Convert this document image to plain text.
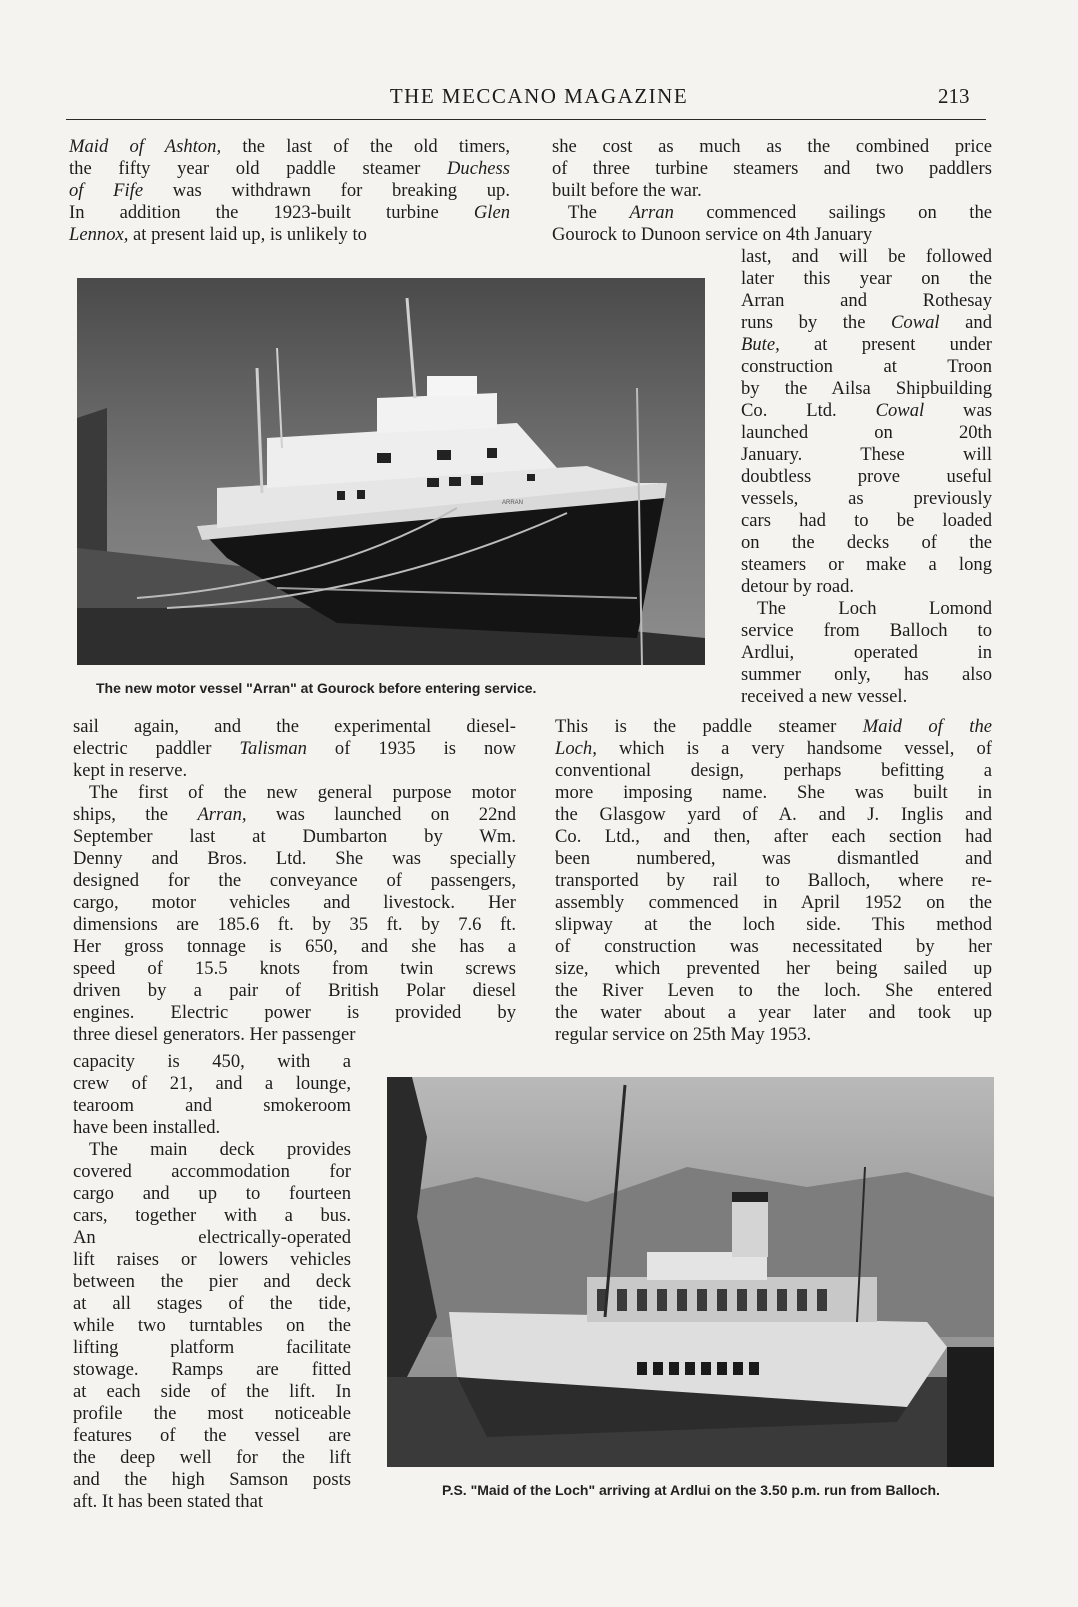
THE MECCANO MAGAZINE	213
Maid of Ashton, the last of the old timers,
the fifty year old paddle steamer Duchess
of Fife was withdrawn for breaking up.
In addition the 1923-built turbine Glen
Lennox, at present laid up, is unlikely to
she cost as much as the combined price
of three turbine steamers and two paddlers
built before the war.
The Arran commenced sailings on the
Gourock to Dunoon service on 4th January
last, and will be followed
later this year on the
Arran and Rothesay
runs by the Cowal and
Bute, at present under
construction at Troon
by the Ailsa Shipbuilding
Co. Ltd. Cowal was
launched on 20th
January. These will
doubtless prove useful
vessels, as previously
cars had to be loaded
on the decks of the
steamers or make a long
detour by road.
The Loch Lomond
service from Balloch to
Ardlui, operated in
summer only, has also
received a new vessel.
sail again, and the experimental diesel-
electric paddler Talisman of 1935 is now
kept in reserve.
The first of the new general purpose motor
ships, the Arran, was launched on 22nd
September last at Dumbarton by Wm.
Denny and Bros. Ltd. She was specially
designed for the conveyance of passengers,
cargo, motor vehicles and livestock. Her
dimensions are 185.6 ft. by 35 ft. by 7.6 ft.
Her gross tonnage is 650, and she has a
speed of 15.5 knots from twin screws
driven by a pair of British Polar diesel
engines. Electric power is provided by
three diesel generators. Her passenger
This is the paddle steamer Maid of the
Loch, which is a very handsome vessel, of
conventional design, perhaps befitting a
more imposing name. She was built in
the Glasgow yard of A. and J. Inglis and
Co. Ltd., and then, after each section had
been numbered, was dismantled and
transported by rail to Balloch, where re-
assembly commenced in April 1952 on the
slipway at the loch side. This method
of construction was necessitated by her
size, which prevented her being sailed up
the River Leven to the loch. She entered
the water about a year later and took up
regular service on 25th May 1953.
capacity is 450, with a
crew of 21, and a lounge,
tearoom and smokeroom
have been installed.
The main deck provides
covered accommodation for
cargo and up to fourteen
cars, together with a bus.
An electrically-operated
lift raises or lowers vehicles
between the pier and deck
at all stages of the tide,
while two turntables on the
lifting platform facilitate
stowage. Ramps are fitted
at each side of the lift. In
profile the most noticeable
features of the vessel are
the deep well for the lift
and the high Samson posts
aft. It has been stated that
ARRAN
The new motor vessel "Arran" at Gourock before entering service.
P.S. "Maid of the Loch" arriving at Ardlui on the 3.50 p.m. run from Balloch.
